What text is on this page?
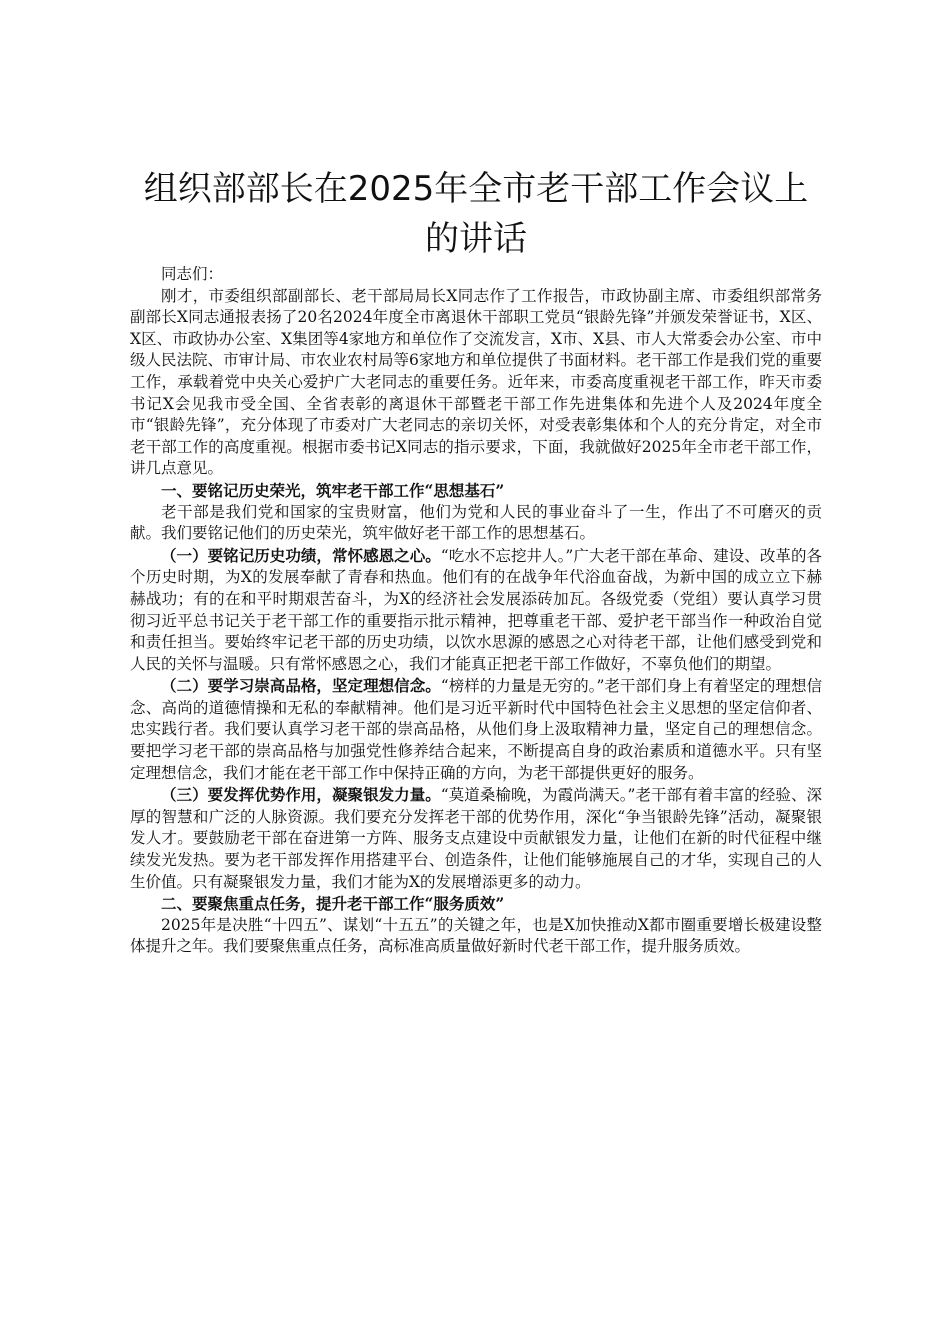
组织部部长在2025年全市老干部工作会议上
的讲话

同志们：

刚才，市委组织部副部长、老干部局局长X同志作了工作报告，市政协副主席、市委组织部常务副部长X同志通报表扬了20名2024年度全市离退休干部职工党员“银龄先锋”并颁发荣誉证书，X区、X区、市政协办公室、X集团等4家地方和单位作了交流发言，X市、X县、市人大常委会办公室、市中级人民法院、市审计局、市农业农村局等6家地方和单位提供了书面材料。老干部工作是我们党的重要工作，承载着党中央关心爱护广大老同志的重要任务。近年来，市委高度重视老干部工作，昨天市委书记X会见我市受全国、全省表彰的离退休干部暨老干部工作先进集体和先进个人及2024年度全市“银龄先锋”，充分体现了市委对广大老同志的亲切关怀，对受表彰集体和个人的充分肯定，对全市老干部工作的高度重视。根据市委书记X同志的指示要求，下面，我就做好2025年全市老干部工作，讲几点意见。

一、要铭记历史荣光，筑牢老干部工作“思想基石”

老干部是我们党和国家的宝贵财富，他们为党和人民的事业奋斗了一生，作出了不可磨灭的贡献。我们要铭记他们的历史荣光，筑牢做好老干部工作的思想基石。

（一）要铭记历史功绩，常怀感恩之心。“吃水不忘挖井人。”广大老干部在革命、建设、改革的各个历史时期，为X的发展奉献了青春和热血。他们有的在战争年代浴血奋战，为新中国的成立立下赫赫战功；有的在和平时期艰苦奋斗，为X的经济社会发展添砖加瓦。各级党委（党组）要认真学习贯彻习近平总书记关于老干部工作的重要指示批示精神，把尊重老干部、爱护老干部当作一种政治自觉和责任担当。要始终牢记老干部的历史功绩，以饮水思源的感恩之心对待老干部，让他们感受到党和人民的关怀与温暖。只有常怀感恩之心，我们才能真正把老干部工作做好，不辜负他们的期望。

（二）要学习崇高品格，坚定理想信念。“榜样的力量是无穷的。”老干部们身上有着坚定的理想信念、高尚的道德情操和无私的奉献精神。他们是习近平新时代中国特色社会主义思想的坚定信仰者、忠实践行者。我们要认真学习老干部的崇高品格，从他们身上汲取精神力量，坚定自己的理想信念。要把学习老干部的崇高品格与加强党性修养结合起来，不断提高自身的政治素质和道德水平。只有坚定理想信念，我们才能在老干部工作中保持正确的方向，为老干部提供更好的服务。

（三）要发挥优势作用，凝聚银发力量。“莫道桑榆晚，为霞尚满天。”老干部有着丰富的经验、深厚的智慧和广泛的人脉资源。我们要充分发挥老干部的优势作用，深化“争当银龄先锋”活动，凝聚银发人才。要鼓励老干部在奋进第一方阵、服务支点建设中贡献银发力量，让他们在新的时代征程中继续发光发热。要为老干部发挥作用搭建平台、创造条件，让他们能够施展自己的才华，实现自己的人生价值。只有凝聚银发力量，我们才能为X的发展增添更多的动力。

二、要聚焦重点任务，提升老干部工作“服务质效”

2025年是决胜“十四五”、谋划“十五五”的关键之年，也是X加快推动X都市圈重要增长极建设整体提升之年。我们要聚焦重点任务，高标准高质量做好新时代老干部工作，提升服务质效。
